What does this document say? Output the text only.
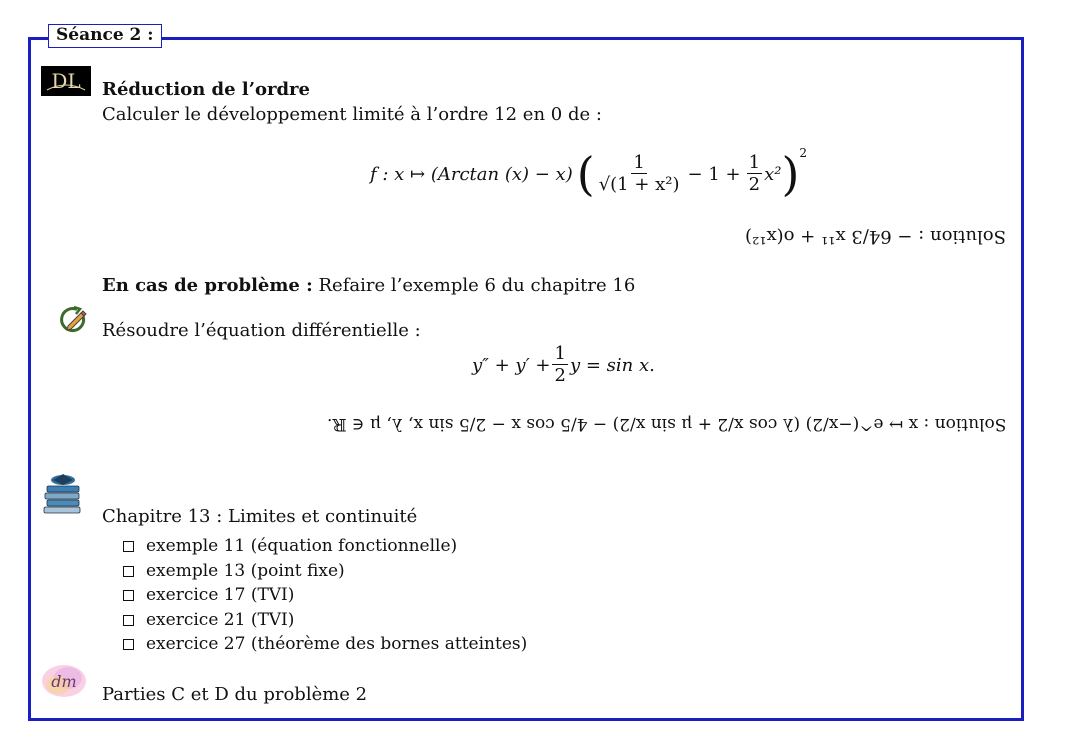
Séance 2 :
DL Réduction de l’ordre
Calculer le développement limité à l’ordre 12 en 0 de :
f : x ↦ (Arctan (x) − x) ( $\frac{1}{\text{√(1 + x²)}} - 1 + \frac{1}{2} x^2$ ) 2
Solution : − 64/3 x¹¹ + o(x¹²)
En cas de problème : Refaire l’exemple 6 du chapitre 16
Résoudre l’équation différentielle :
$y'' + y' + \frac{1}{2}$ y = sin x.
Solution : x ↦ e^(−x/2) (λ cos x/2 + μ sin x/2) − 4/5 cos x − 2/5 sin x, λ, μ ∈ ℝ.
Chapitre 13 : Limites et continuité
exemple 11 (équation fonctionnelle)
exemple 13 (point fixe)
exercice 17 (TVI)
exercice 21 (TVI)
exercice 27 (théorème des bornes atteintes)
dm
Parties C et D du problème 2
